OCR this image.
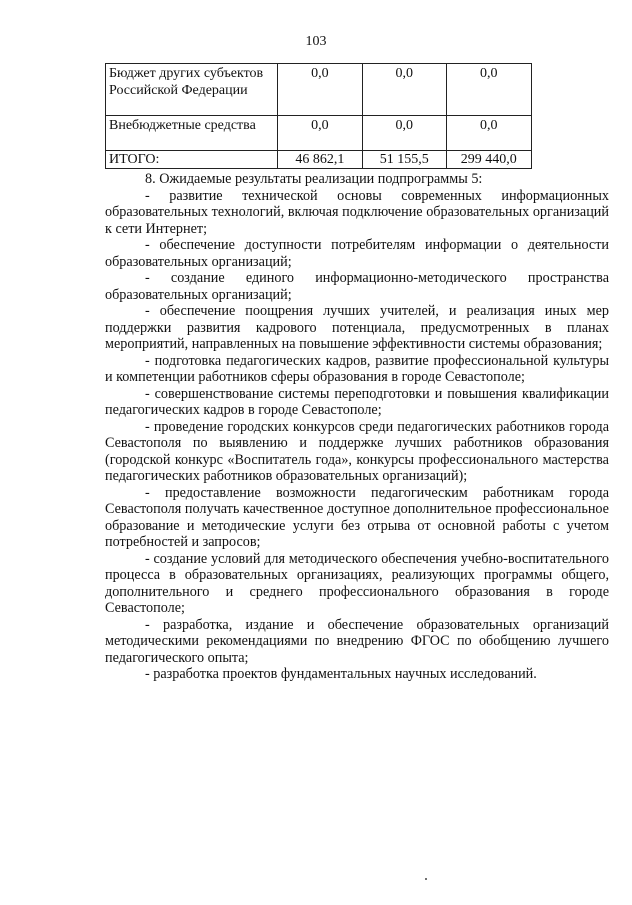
103
Бюджет других субъектов Российской Федерации	0,0	0,0	0,0
Внебюджетные средства	0,0	0,0	0,0
ИТОГО:	46 862,1	51 155,5	299 440,0

8. Ожидаемые результаты реализации подпрограммы 5:

- развитие технической основы современных информационных образовательных технологий, включая подключение образовательных организаций к сети Интернет;

- обеспечение доступности потребителям информации о деятельности образовательных организаций;

- создание единого информационно-методического пространства образовательных организаций;

- обеспечение поощрения лучших учителей, и реализация иных мер поддержки развития кадрового потенциала, предусмотренных в планах мероприятий, направленных на повышение эффективности системы образования;

- подготовка педагогических кадров, развитие профессиональной культуры и компетенции работников сферы образования в городе Севастополе;

- совершенствование системы переподготовки и повышения квалификации педагогических кадров в городе Севастополе;

- проведение городских конкурсов среди педагогических работников города Севастополя по выявлению и поддержке лучших работников образования (городской конкурс «Воспитатель года», конкурсы профессионального мастерства педагогических работников образовательных организаций);

- предоставление возможности педагогическим работникам города Севастополя получать качественное доступное дополнительное профессиональное образование и методические услуги без отрыва от основной работы с учетом потребностей и запросов;

- создание условий для методического обеспечения учебно-воспитательного процесса в образовательных организациях, реализующих программы общего, дополнительного и среднего профессионального образования в городе Севастополе;

- разработка, издание и обеспечение образовательных организаций методическими рекомендациями по внедрению ФГОС по обобщению лучшего педагогического опыта;

- разработка проектов фундаментальных научных исследований.
